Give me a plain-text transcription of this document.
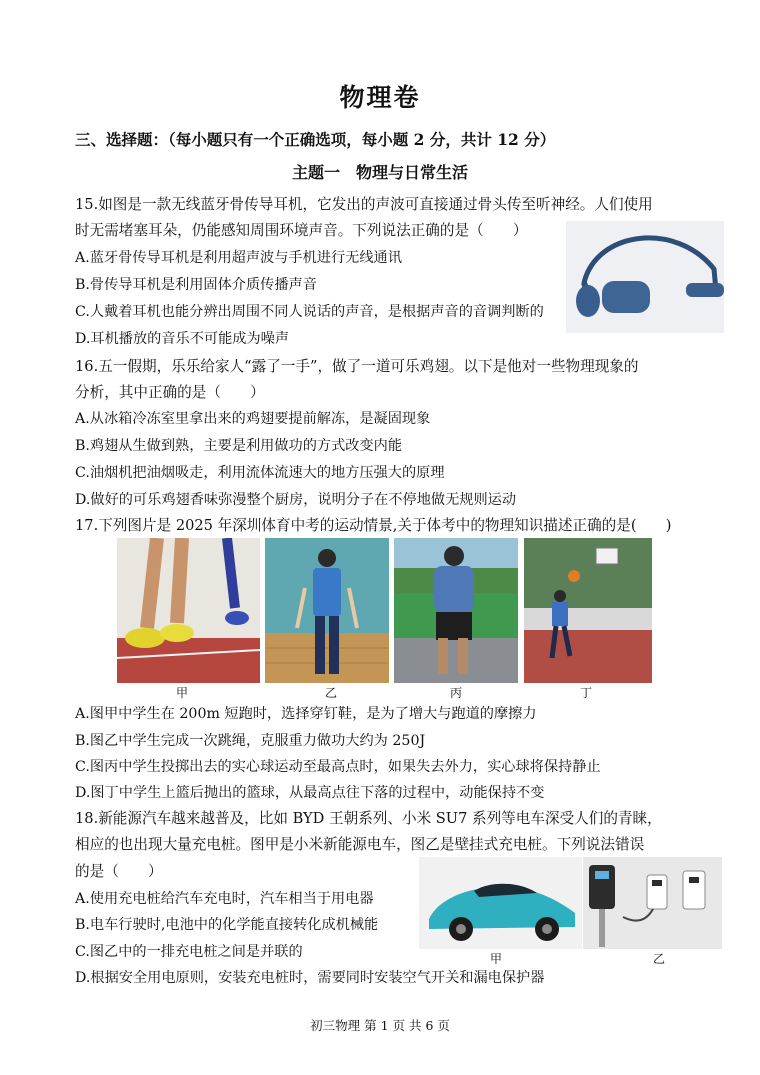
物理卷
三、选择题：（每小题只有一个正确选项，每小题 2 分，共计 12 分）
主题一　物理与日常生活
15.如图是一款无线蓝牙骨传导耳机，它发出的声波可直接通过骨头传至听神经。人们使用
时无需堵塞耳朵，仍能感知周围环境声音。下列说法正确的是（　　）
A.蓝牙骨传导耳机是利用超声波与手机进行无线通讯
B.骨传导耳机是利用固体介质传播声音
C.人戴着耳机也能分辨出周围不同人说话的声音，是根据声音的音调判断的
D.耳机播放的音乐不可能成为噪声
16.五一假期，乐乐给家人“露了一手”，做了一道可乐鸡翅。以下是他对一些物理现象的
分析，其中正确的是（　　）
A.从冰箱冷冻室里拿出来的鸡翅要提前解冻，是凝固现象
B.鸡翅从生做到熟，主要是利用做功的方式改变内能
C.油烟机把油烟吸走，利用流体流速大的地方压强大的原理
D.做好的可乐鸡翅香味弥漫整个厨房，说明分子在不停地做无规则运动
17.下列图片是 2025 年深圳体育中考的运动情景,关于体考中的物理知识描述正确的是(　　)
甲	乙	丙	丁
A.图甲中学生在 200m 短跑时，选择穿钉鞋，是为了增大与跑道的摩擦力
B.图乙中学生完成一次跳绳，克服重力做功大约为 250J
C.图丙中学生投掷出去的实心球运动至最高点时，如果失去外力，实心球将保持静止
D.图丁中学生上篮后抛出的篮球，从最高点往下落的过程中，动能保持不变
18.新能源汽车越来越普及，比如 BYD 王朝系列、小米 SU7 系列等电车深受人们的青睐，
相应的也出现大量充电桩。图甲是小米新能源电车，图乙是壁挂式充电桩。下列说法错误
的是（　　）
A.使用充电桩给汽车充电时，汽车相当于用电器
B.电车行驶时,电池中的化学能直接转化成机械能
C.图乙中的一排充电桩之间是并联的
D.根据安全用电原则，安装充电桩时，需要同时安装空气开关和漏电保护器
甲	乙
初三物理 第 1 页 共 6 页
